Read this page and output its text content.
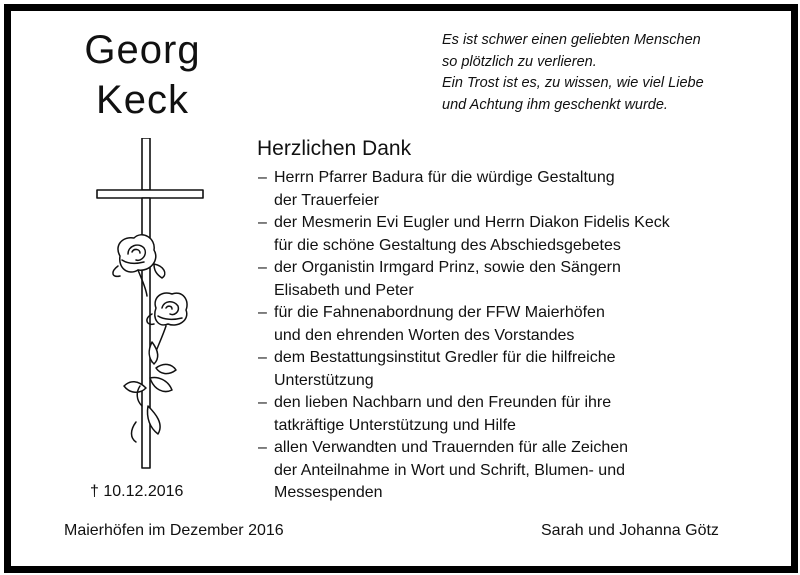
Georg
Keck
Es ist schwer einen geliebten Menschen
so plötzlich zu verlieren.
Ein Trost ist es, zu wissen, wie viel Liebe
und Achtung ihm geschenkt wurde.
Herzlichen Dank
– Herrn Pfarrer Badura für die würdige Gestaltung
der Trauerfeier
– der Mesmerin Evi Eugler und Herrn Diakon Fidelis Keck
für die schöne Gestaltung des Abschiedsgebetes
– der Organistin Irmgard Prinz, sowie den Sängern
Elisabeth und Peter
– für die Fahnenabordnung der FFW Maierhöfen
und den ehrenden Worten des Vorstandes
– dem Bestattungsinstitut Gredler für die hilfreiche
Unterstützung
– den lieben Nachbarn und den Freunden für ihre
tatkräftige Unterstützung und Hilfe
– allen Verwandten und Trauernden für alle Zeichen
der Anteilnahme in Wort und Schrift, Blumen- und
Messespenden
† 10.12.2016
Maierhöfen im Dezember 2016	Sarah und Johanna Götz
